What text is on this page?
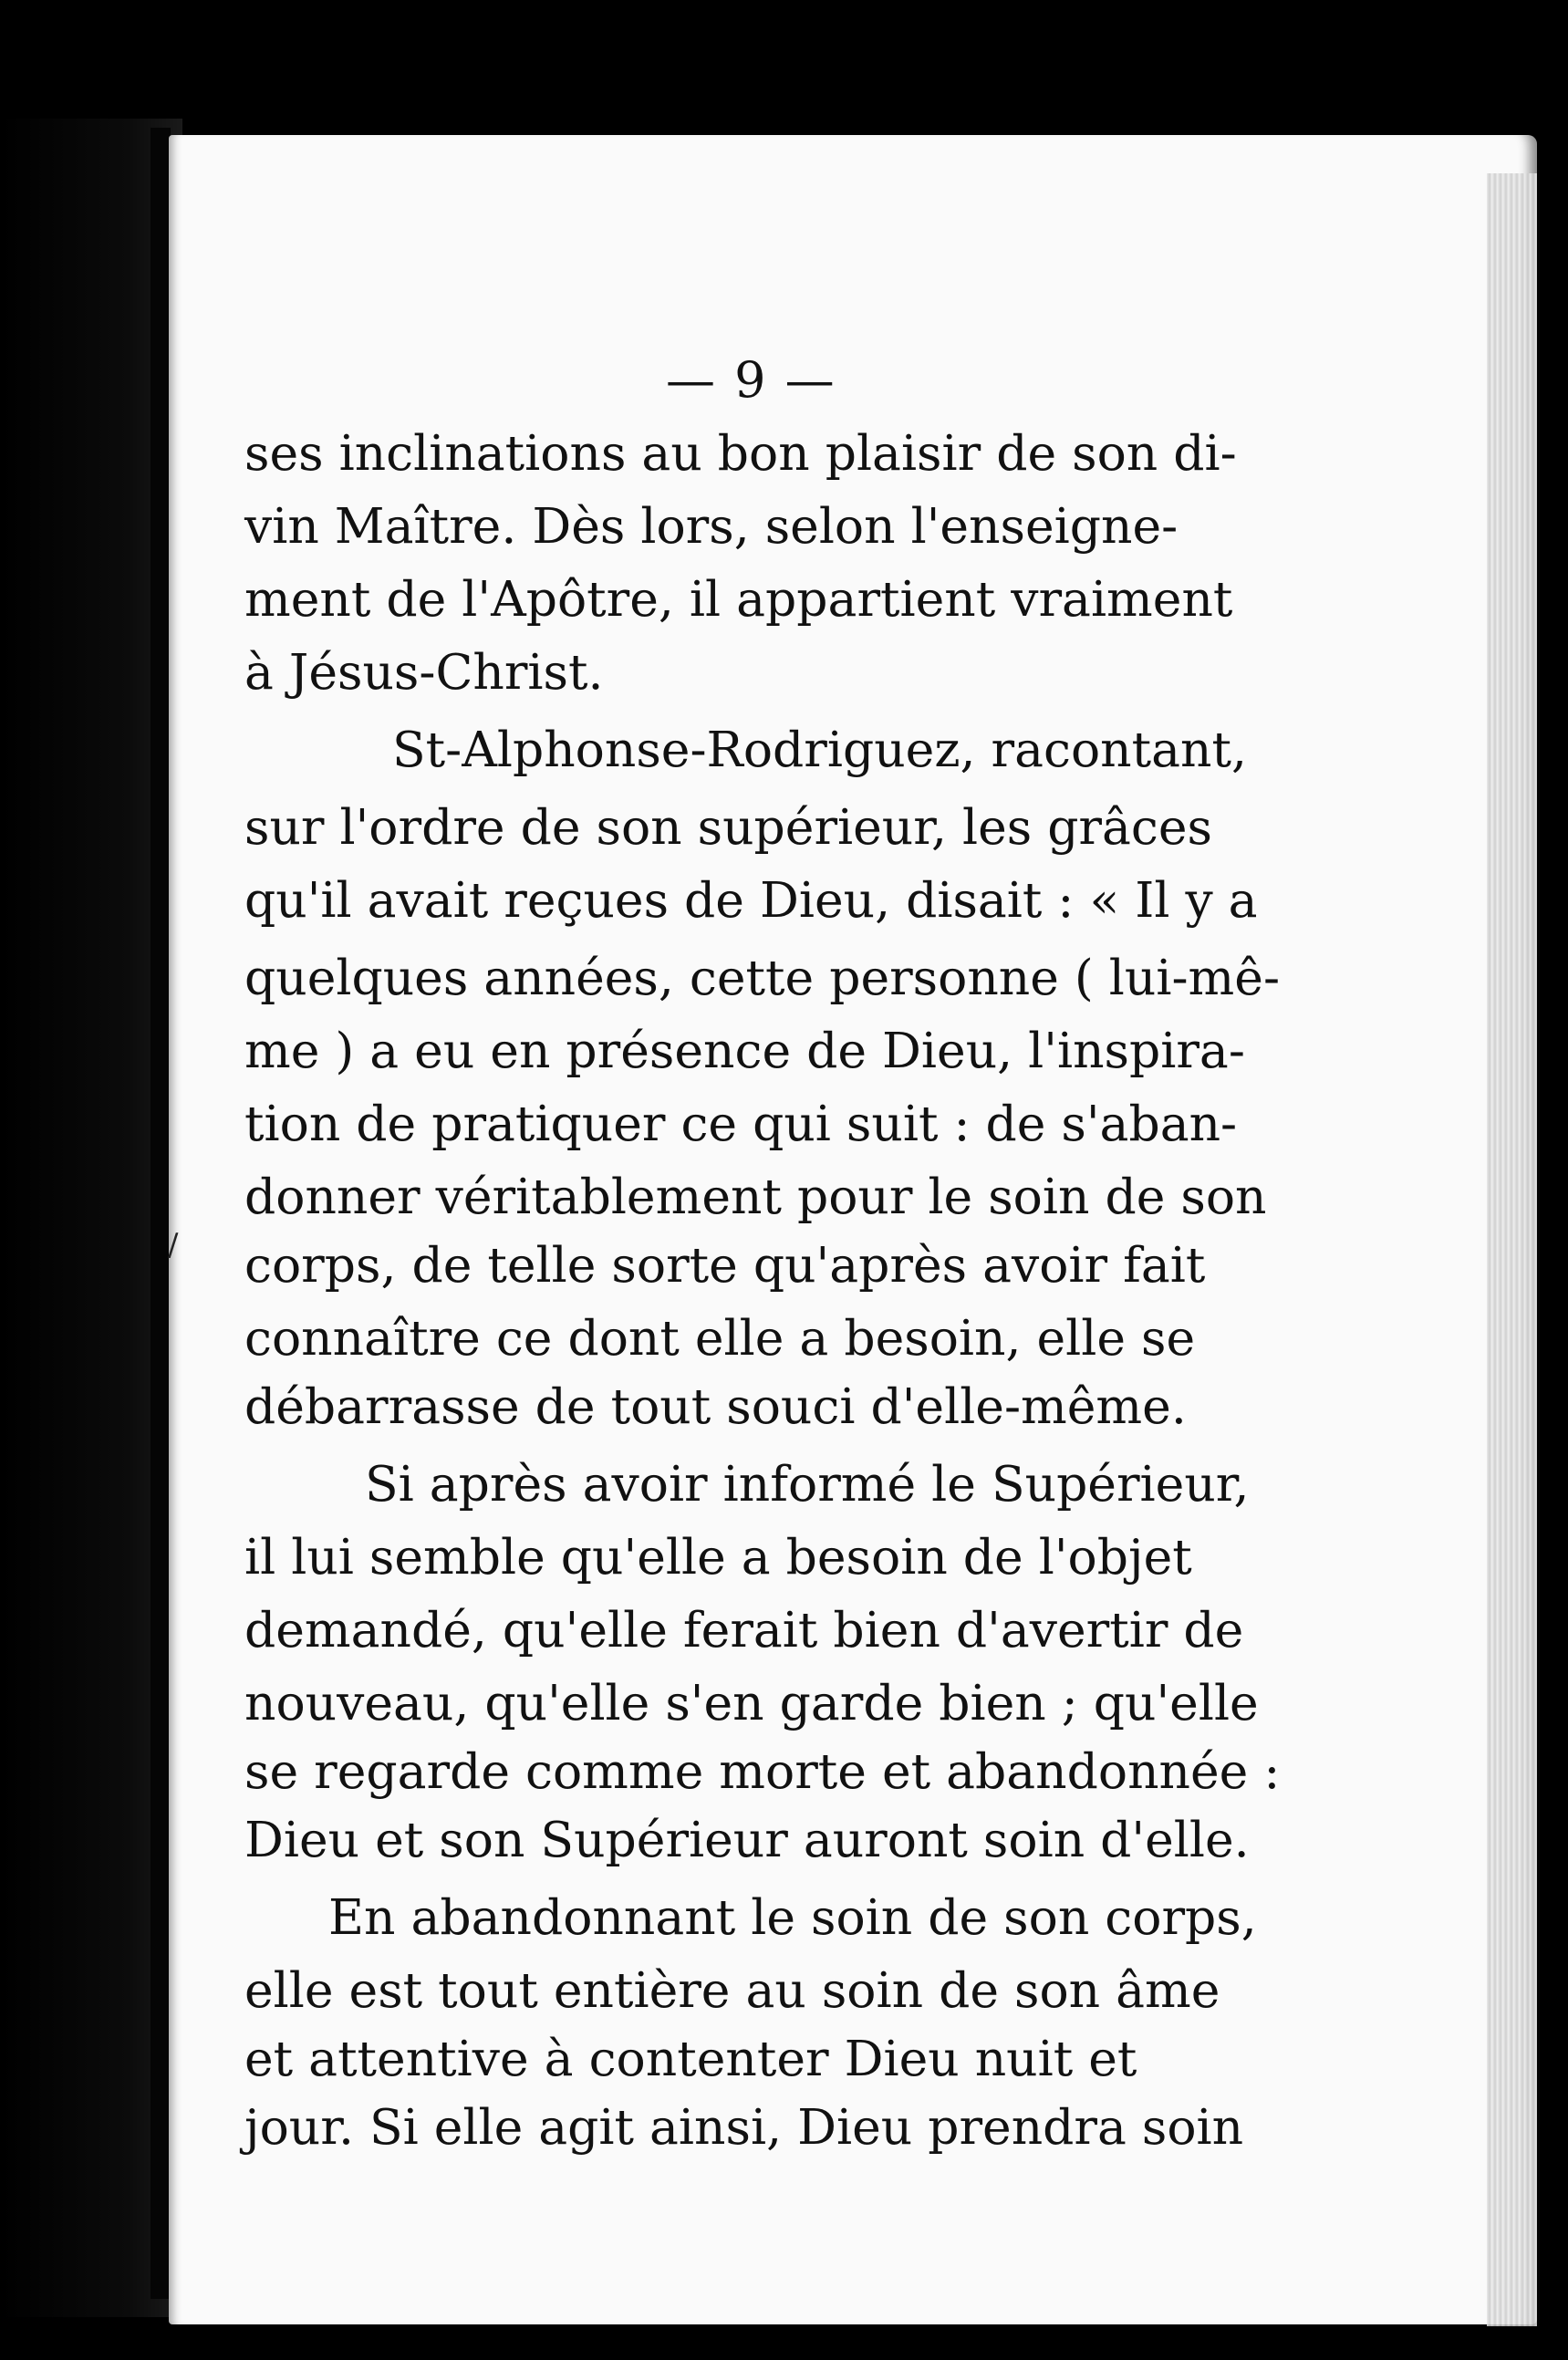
— 9 —
/
ses inclinations au bon plaisir de son di-
vin Maître. Dès lors, selon l'enseigne-
ment de l'Apôtre, il appartient vraiment
à Jésus-Christ.
St-Alphonse-Rodriguez, racontant,
sur l'ordre de son supérieur, les grâces
qu'il avait reçues de Dieu, disait : « Il y a
quelques années, cette personne ( lui-mê-
me ) a eu en présence de Dieu, l'inspira-
tion de pratiquer ce qui suit : de s'aban-
donner véritablement pour le soin de son
corps, de telle sorte qu'après avoir fait
connaître ce dont elle a besoin, elle se
débarrasse de tout souci d'elle-même.
Si après avoir informé le Supérieur,
il lui semble qu'elle a besoin de l'objet
demandé, qu'elle ferait bien d'avertir de
nouveau, qu'elle s'en garde bien ; qu'elle
se regarde comme morte et abandonnée :
Dieu et son Supérieur auront soin d'elle.
En abandonnant le soin de son corps,
elle est tout entière au soin de son âme
et attentive à contenter Dieu nuit et
jour. Si elle agit ainsi, Dieu prendra soin
